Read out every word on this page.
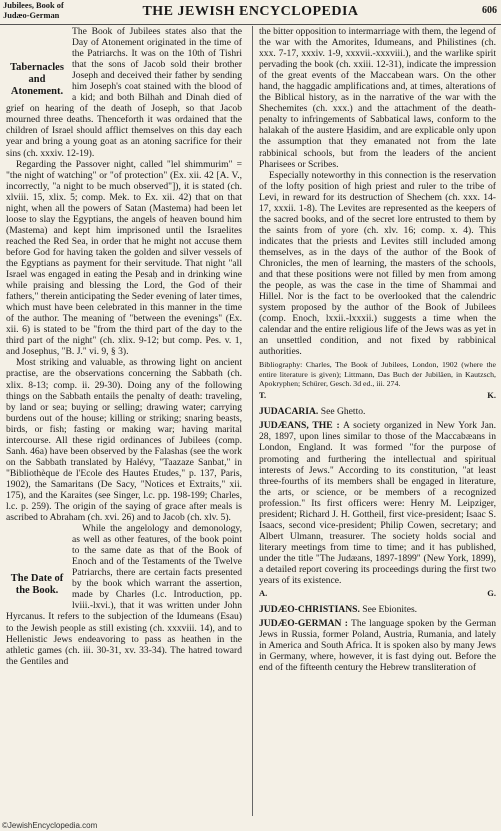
Jubilees, Book of
Judæo-German	THE JEWISH ENCYCLOPEDIA	606

Tabernacles and Atonement.
The Book of Jubilees states also that the Day of Atonement originated in the time of the Patriarchs. It was on the 10th of Tishri that the sons of Jacob sold their brother Joseph and deceived their father by sending him Joseph's coat stained with the blood of a kid; and both Bilhah and Dinah died of grief on hearing of the death of Joseph, so that Jacob mourned three deaths. Thenceforth it was ordained that the children of Israel should afflict themselves on this day each year and bring a young goat as an atoning sacrifice for their sins (ch. xxxiv. 12-19).

Regarding the Passover night, called "lel shimmurim" = "the night of watching" or "of protection" (Ex. xii. 42 [A. V., incorrectly, "a night to be much observed"]), it is stated (ch. xlviii. 15, xlix. 5; comp. Mek. to Ex. xii. 42) that on that night, when all the powers of Satan (Mastema) had been let loose to slay the Egyptians, the angels of heaven bound him (Mastema) and kept him imprisoned until the Israelites reached the Red Sea, in order that he might not accuse them before God for having taken the golden and silver vessels of the Egyptians as payment for their servitude. That night "all Israel was engaged in eating the Pesaḥ and in drinking wine while praising and blessing the Lord, the God of their fathers," therein anticipating the Seder evening of later times, which must have been celebrated in this manner in the time of the author. The meaning of "between the evenings" (Ex. xii. 6) is stated to be "from the third part of the day to the third part of the night" (ch. xlix. 9-12; but comp. Pes. v. 1, and Josephus, "B. J." vi. 9, § 3).

Most striking and valuable, as throwing light on ancient practise, are the observations concerning the Sabbath (ch. xlix. 8-13; comp. ii. 29-30). Doing any of the following things on the Sabbath entails the penalty of death: traveling, by land or sea; buying or selling; drawing water; carrying burdens out of the house; killing or striking; snaring beasts, birds, or fish; fasting or making war; having marital intercourse. All these rigid ordinances of Jubilees (comp. Sanh. 46a) have been observed by the Falashas (see the work on the Sabbath translated by Halévy, "Taazaze Sanbat," in "Bibliothèque de l'Ecole des Hautes Etudes," p. 137, Paris, 1902), the Samaritans (De Sacy, "Notices et Extraits," xii. 175), and the Karaites (see Singer, l.c. pp. 198-199; Charles, l.c. p. 259). The origin of the saying of grace after meals is ascribed to Abraham (ch. xvi. 26) and to Jacob (ch. xlv. 5).

The Date of the Book.
While the angelology and demonology, as well as other features, of the book point to the same date as that of the Book of Enoch and of the Testaments of the Twelve Patriarchs, there are certain facts presented by the book which warrant the assertion, made by Charles (l.c. Introduction, pp. lviii.-lxvi.), that it was written under John Hyrcanus. It refers to the subjection of the Idumeans (Esau) to the Jewish people as still existing (ch. xxxviii. 14), and to Hellenistic Jews endeavoring to pass as heathen in the athletic games (ch. iii. 30-31, xv. 33-34). The hatred toward the Gentiles and

the bitter opposition to intermarriage with them, the legend of the war with the Amorites, Idumeans, and Philistines (ch. xxx. 7-17, xxxiv. 1-9, xxxvii.-xxxviii.), and the warlike spirit pervading the book (ch. xxiii. 12-31), indicate the impression of the great events of the Maccabean wars. On the other hand, the haggadic amplifications and, at times, alterations of the Biblical history, as in the narrative of the war with the Shechemites (ch. xxx.) and the attachment of the death-penalty to infringements of Sabbatical laws, conform to the halakah of the austere Ḥasidim, and are explicable only upon the assumption that they emanated not from the late rabbinical schools, but from the leaders of the ancient Pharisees or Scribes.

Especially noteworthy in this connection is the reservation of the lofty position of high priest and ruler to the tribe of Levi, in reward for its destruction of Shechem (ch. xxx. 14-17, xxxii. 1-8). The Levites are represented as the keepers of the sacred books, and of the secret lore entrusted to them by the saints from of yore (ch. xlv. 16; comp. x. 4). This indicates that the priests and Levites still included among themselves, as in the days of the author of the Book of Chronicles, the men of learning, the masters of the schools, and that these positions were not filled by men from among the people, as was the case in the time of Shammai and Hillel. Nor is the fact to be overlooked that the calendric system proposed by the author of the Book of Jubilees (comp. Enoch, lxxii.-lxxxii.) suggests a time when the calendar and the entire religious life of the Jews was as yet in an unsettled condition, and not fixed by rabbinical authorities.

Bibliography: Charles, The Book of Jubilees, London, 1902 (where the entire literature is given); Littmann, Das Buch der Jubiläen, in Kautzsch, Apokryphen; Schürer, Gesch. 3d ed., iii. 274.

T.	K.

JUDACARIA. See Ghetto.

JUDÆANS, THE : A society organized in New York Jan. 28, 1897, upon lines similar to those of the Maccabæans in London, England. It was formed "for the purpose of promoting and furthering the intellectual and spiritual interests of Jews." According to its constitution, "at least three-fourths of its members shall be engaged in literature, the arts, or science, or be members of a recognized profession." Its first officers were: Henry M. Leipziger, president; Richard J. H. Gottheil, first vice-president; Isaac S. Isaacs, second vice-president; Philip Cowen, secretary; and Albert Ulmann, treasurer. The society holds social and literary meetings from time to time; and it has published, under the title "The Judæans, 1897-1899" (New York, 1899), a detailed report covering its proceedings during the first two years of its existence.

A.	G.

JUDÆO-CHRISTIANS. See Ebionites.

JUDÆO-GERMAN : The language spoken by the German Jews in Russia, former Poland, Austria, Rumania, and lately in America and South Africa. It is spoken also by many Jews in Germany, where, however, it is fast dying out. Before the end of the fifteenth century the Hebrew transliteration of

©JewishEncyclopedia.com
